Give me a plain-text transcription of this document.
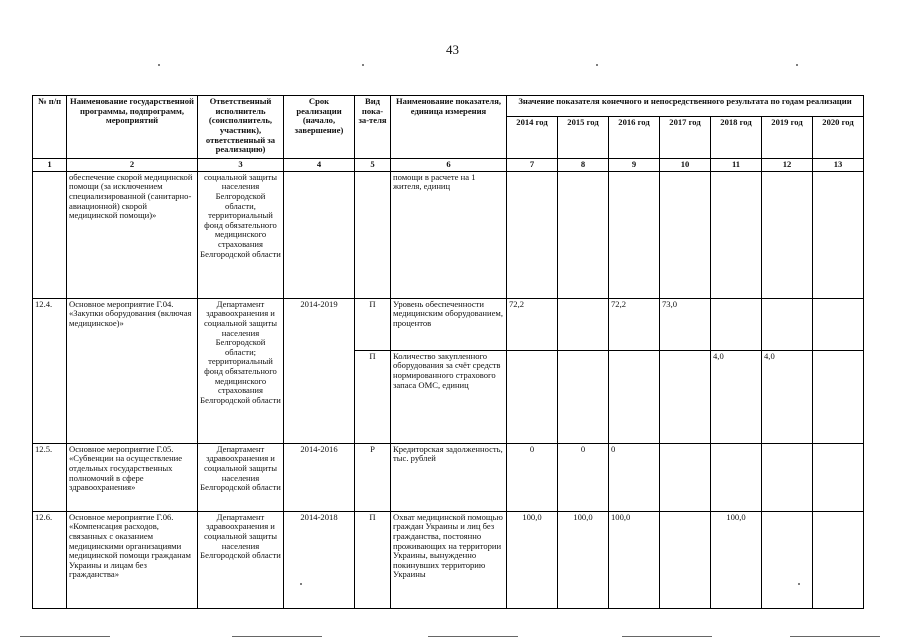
43
№ п/п	Наименование государственной программы, подпрограмм, мероприятий	Ответственный исполнитель (соисполнитель, участник), ответственный за реализацию)	Срок реализации (начало, завершение)	Вид пока-за-теля	Наименование показателя, единица измерения	Значение показателя конечного и непосредственного результата по годам реализации						
						2014 год	2015 год	2016 год	2017 год	2018 год	2019 год	2020 год
1	2	3	4	5	6	7	8	9	10	11	12	13
	обеспечение скорой медицинской помощи (за исключением специализированной (санитарно-авиационной) скорой медицинской помощи)»	социальной защиты населения Белгородской области, территориальный фонд обязательного медицинского страхования Белгородской области			помощи в расчете на 1 жителя, единиц							
12.4.	Основное мероприятие Г.04. «Закупки оборудования (включая медицинское)»	Департамент здравоохранения и социальной защиты населения Белгородской области; территориальный фонд обязательного медицинского страхования Белгородской области	2014-2019	П	Уровень обеспеченности медицинским оборудованием, процентов	72,2		72,2	73,0			
				П	Количество закупленного оборудования за счёт средств нормированного страхового запаса ОМС, единиц					4,0	4,0	
12.5.	Основное мероприятие Г.05. «Субвенции на осуществление отдельных государственных полномочий в сфере здравоохранения»	Департамент здравоохранения и социальной защиты населения Белгородской области	2014-2016	Р	Кредиторская задолженность, тыс. рублей	0	0	0				
12.6.	Основное мероприятие Г.06. «Компенсация расходов, связанных с оказанием медицинскими организациями медицинской помощи гражданам Украины и лицам без гражданства»	Департамент здравоохранения и социальной защиты населения Белгородской области	2014-2018	П	Охват медицинской помощью граждан Украины и лиц без гражданства, постоянно проживающих на территории Украины, вынужденно покинувших территорию Украины	100,0	100,0	100,0		100,0		
